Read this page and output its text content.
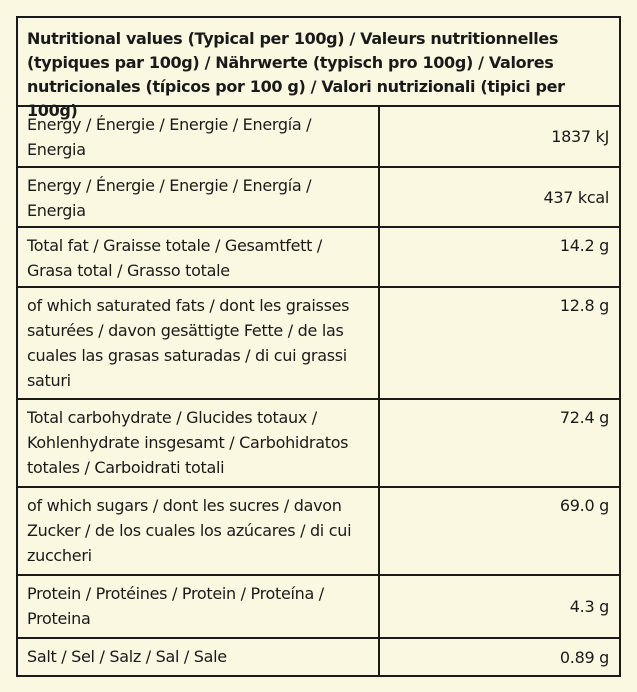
Nutritional values (Typical per 100g) / Valeurs nutritionnelles (typiques par 100g) / Nährwerte (typisch pro 100g) / Valores nutricionales (típicos por 100 g) / Valori nutrizionali (tipici per 100g)
Energy / Énergie / Energie / Energía / Energia	1837 kJ
Energy / Énergie / Energie / Energía / Energia	437 kcal
Total fat / Graisse totale / Gesamtfett / Grasa total / Grasso totale	14.2 g
of which saturated fats / dont les graisses saturées / davon gesättigte Fette / de las cuales las grasas saturadas / di cui grassi saturi	12.8 g
Total carbohydrate / Glucides totaux / Kohlenhydrate insgesamt / Carbohidratos totales / Carboidrati totali	72.4 g
of which sugars / dont les sucres / davon Zucker / de los cuales los azúcares / di cui zuccheri	69.0 g
Protein / Protéines / Protein / Proteína / Proteina	4.3 g
Salt / Sel / Salz / Sal / Sale	0.89 g
